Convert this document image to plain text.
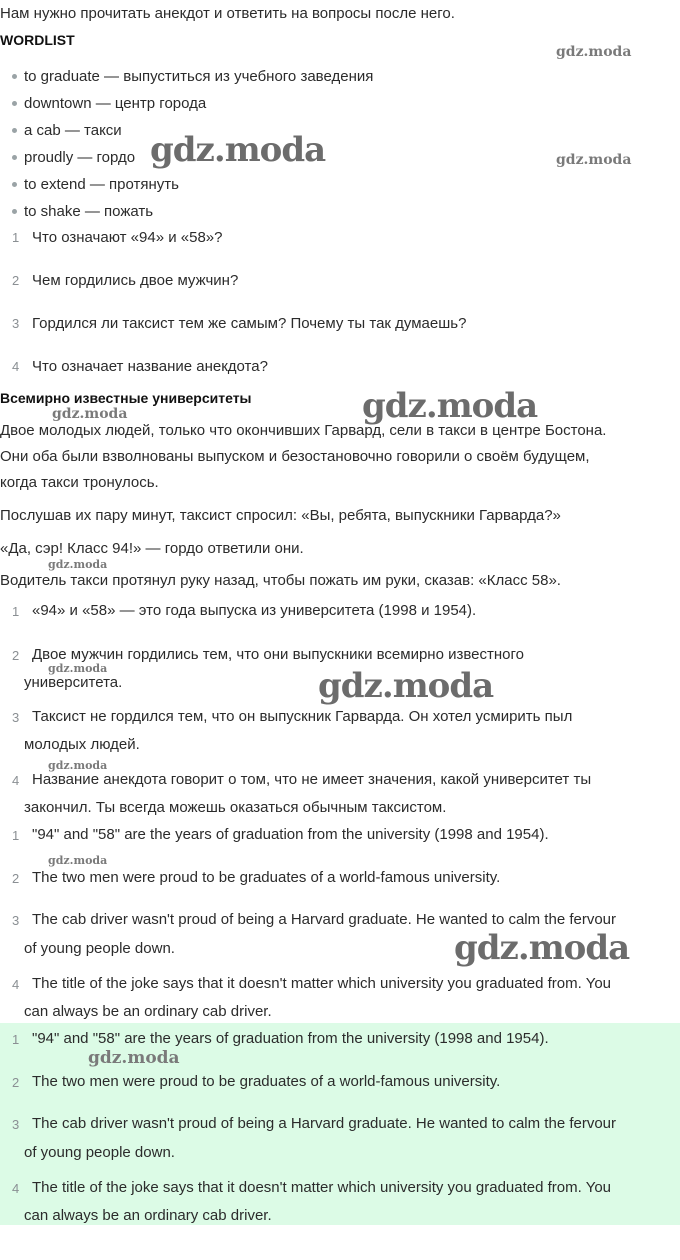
Нам нужно прочитать анекдот и ответить на вопросы после него.
WORDLIST
to graduate — выпуститься из учебного заведения
downtown — центр города
a cab — такси
proudly — гордо
to extend — протянуть
to shake — пожать
1 Что означают «94» и «58»?
2 Чем гордились двое мужчин?
3 Гордился ли таксист тем же самым? Почему ты так думаешь?
4 Что означает название анекдота?
Всемирно известные университеты
Двое молодых людей, только что окончивших Гарвард, сели в такси в центре Бостона.
Они оба были взволнованы выпуском и безостановочно говорили о своём будущем,
когда такси тронулось.
Послушав их пару минут, таксист спросил: «Вы, ребята, выпускники Гарварда?»
«Да, сэр! Класс 94!» — гордо ответили они.
Водитель такси протянул руку назад, чтобы пожать им руки, сказав: «Класс 58».
1 «94» и «58» — это года выпуска из университета (1998 и 1954).
2 Двое мужчин гордились тем, что они выпускники всемирно известного
университета.
3 Таксист не гордился тем, что он выпускник Гарварда. Он хотел усмирить пыл
молодых людей.
4 Название анекдота говорит о том, что не имеет значения, какой университет ты
закончил. Ты всегда можешь оказаться обычным таксистом.
1 "94" and "58" are the years of graduation from the university (1998 and 1954).
2 The two men were proud to be graduates of a world-famous university.
3 The cab driver wasn't proud of being a Harvard graduate. He wanted to calm the fervour
of young people down.
4 The title of the joke says that it doesn't matter which university you graduated from. You
can always be an ordinary cab driver.
1 "94" and "58" are the years of graduation from the university (1998 and 1954).
2 The two men were proud to be graduates of a world-famous university.
3 The cab driver wasn't proud of being a Harvard graduate. He wanted to calm the fervour
of young people down.
4 The title of the joke says that it doesn't matter which university you graduated from. You
can always be an ordinary cab driver.
gdz.moda
gdz.moda	gdz.moda
gdz.moda
gdz.moda
gdz.moda
gdz.moda	gdz.moda
gdz.moda
gdz.moda
gdz.moda
gdz.moda
